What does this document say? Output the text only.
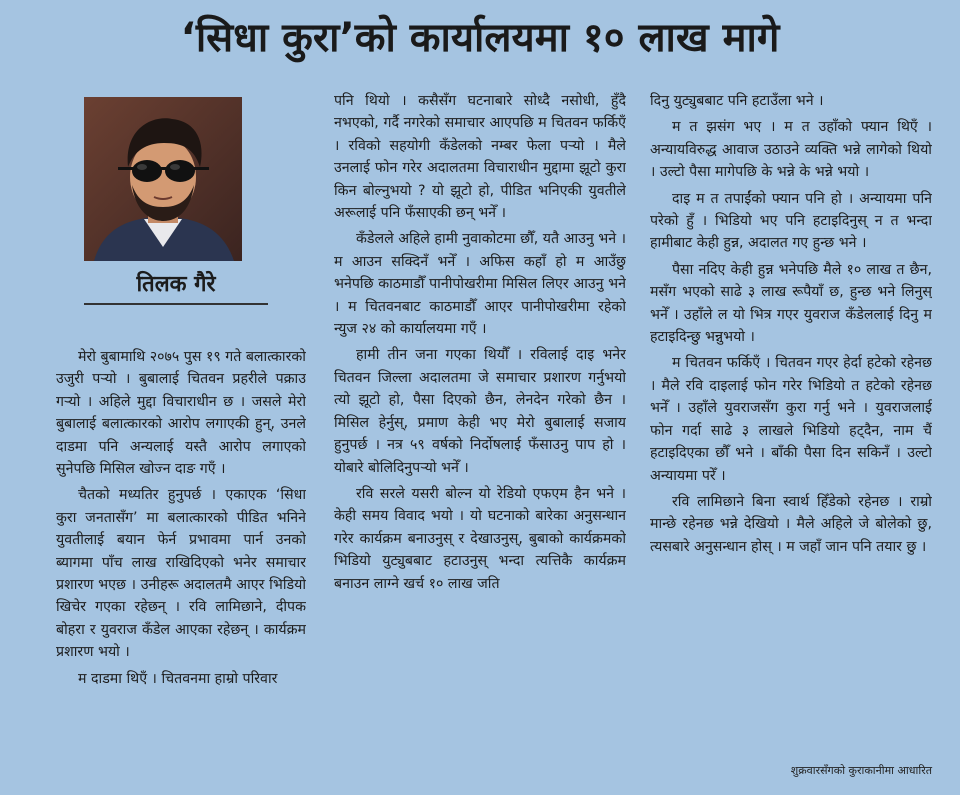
‘सिधा कुरा’को कार्यालयमा १० लाख मागे
तिलक गैरे

मेरो बुबामाथि २०७५ पुस १९ गते बलात्कारको उजुरी पर्‍यो । बुबालाई चितवन प्रहरीले पक्राउ गर्‍यो । अहिले मुद्दा विचाराधीन छ । जसले मेरो बुबालाई बलात्कारको आरोप लगाएकी हुन्, उनले दाडमा पनि अन्यलाई यस्तै आरोप लगाएको सुनेपछि मिसिल खोज्न दाङ गएँ ।

चैतको मध्यतिर हुनुपर्छ । एकाएक ‘सिधा कुरा जनतासँग’ मा बलात्कारको पीडित भनिने युवतीलाई बयान फेर्न प्रभावमा पार्न उनको ब्यागमा पाँच लाख राखिदिएको भनेर समाचार प्रशारण भएछ । उनीहरू अदालतमै आएर भिडियो खिचेर गएका रहेछन् । रवि लामिछाने, दीपक बोहरा र युवराज कँडेल आएका रहेछन् । कार्यक्रम प्रशारण भयो ।

म दाडमा थिएँ । चितवनमा हाम्रो परिवार

पनि थियो । कसैसँग घटनाबारे सोध्दै नसोधी, हुँदै नभएको, गर्दै नगरेको समाचार आएपछि म चितवन फर्किएँ । रविको सहयोगी कँडेलको नम्बर फेला पर्‍यो । मैले उनलाई फोन गरेर अदालतमा विचाराधीन मुद्दामा झूटो कुरा किन बोल्नुभयो ? यो झूटो हो, पीडित भनिएकी युवतीले अरूलाई पनि फँसाएकी छन् भनेँ ।

कँडेलले अहिले हामी नुवाकोटमा छौँ, यतै आउनु भने । म आउन सक्दिनँ भनेँ । अफिस कहाँ हो म आउँछु भनेपछि काठमाडौँ पानीपोखरीमा मिसिल लिएर आउनु भने । म चितवनबाट काठमाडौँ आएर पानीपोखरीमा रहेको न्युज २४ को कार्यालयमा गएँ ।

हामी तीन जना गएका थियौँ । रविलाई दाइ भनेर चितवन जिल्ला अदालतमा जे समाचार प्रशारण गर्नुभयो त्यो झूटो हो, पैसा दिएको छैन, लेनदेन गरेको छैन । मिसिल हेर्नुस्, प्रमाण केही भए मेरो बुबालाई सजाय हुनुपर्छ । नत्र ५९ वर्षको निर्दोषलाई फँसाउनु पाप हो । योबारे बोलिदिनुपर्‍यो भनेँ ।

रवि सरले यसरी बोल्न यो रेडियो एफएम हैन भने । केही समय विवाद भयो । यो घटनाको बारेका अनुसन्धान गरेर कार्यक्रम बनाउनुस् र देखाउनुस्, बुबाको कार्यक्रमको भिडियो युट्युबबाट हटाउनुस् भन्दा त्यत्तिकै कार्यक्रम बनाउन लाग्ने खर्च १० लाख जति

दिनु युट्युबबाट पनि हटाउँला भने ।

म त झसंग भए । म त उहाँको फ्यान थिएँ । अन्यायविरुद्ध आवाज उठाउने व्यक्ति भन्ने लागेको थियो । उल्टो पैसा मागेपछि के भन्ने के भन्ने भयो ।

दाइ म त तपाईंको फ्यान पनि हो । अन्यायमा पनि परेको हुँ । भिडियो भए पनि हटाइदिनुस् न त भन्दा हामीबाट केही हुन्न, अदालत गए हुन्छ भने ।

पैसा नदिए केही हुन्न भनेपछि मैले १० लाख त छैन, मसँग भएको साढे ३ लाख रूपैयाँ छ, हुन्छ भने लिनुस् भनेँ । उहाँले ल यो भित्र गएर युवराज कँडेललाई दिनु म हटाइदिन्छु भन्नुभयो ।

म चितवन फर्किएँ । चितवन गएर हेर्दा हटेको रहेनछ । मैले रवि दाइलाई फोन गरेर भिडियो त हटेको रहेनछ भनेँ । उहाँले युवराजसँग कुरा गर्नु भने । युवराजलाई फोन गर्दा साढे ३ लाखले भिडियो हट्दैन, नाम चैं हटाइदिएका छौँ भने । बाँकी पैसा दिन सकिनँ । उल्टो अन्यायमा परेँ ।

रवि लामिछाने बिना स्वार्थ हिँडेको रहेनछ । राम्रो मान्छे रहेनछ भन्ने देखियो । मैले अहिले जे बोलेको छु, त्यसबारे अनुसन्धान होस् । म जहाँ जान पनि तयार छु ।

शुक्रवारसँगको कुराकानीमा आधारित
